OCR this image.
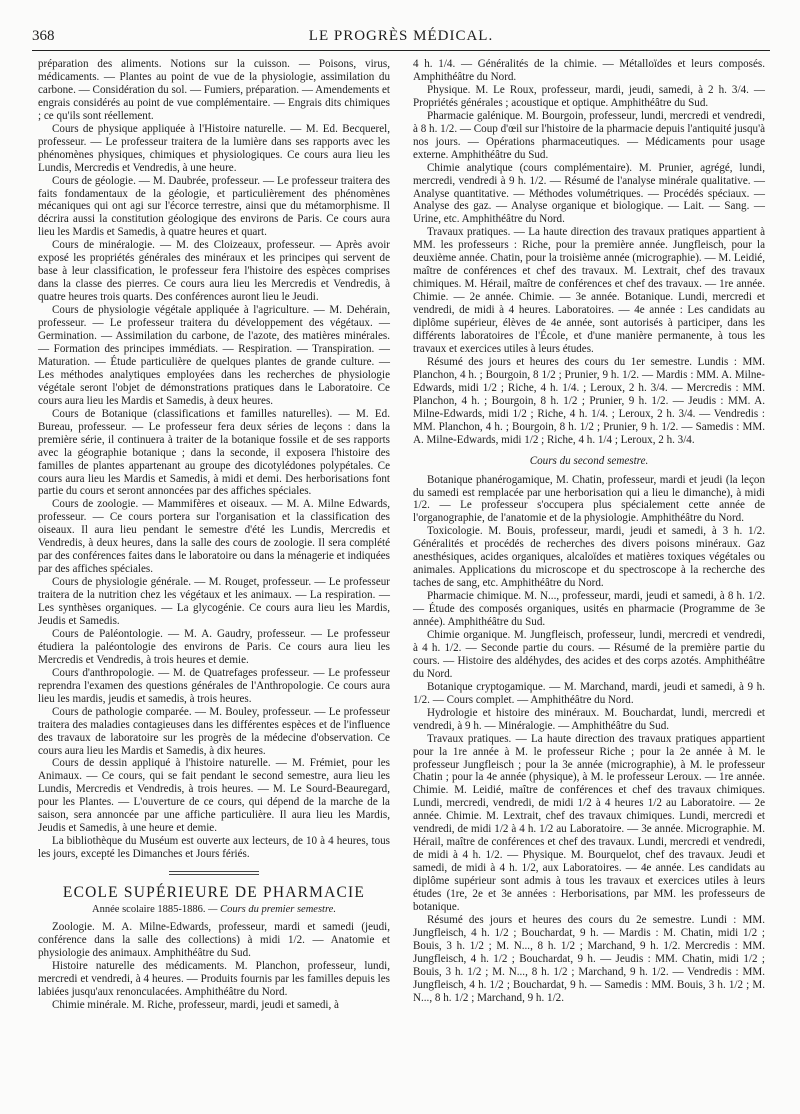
368	LE PROGRÈS MÉDICAL.

préparation des aliments. Notions sur la cuisson. — Poisons, virus, médicaments. — Plantes au point de vue de la physiologie, assimilation du carbone. — Considération du sol. — Fumiers, préparation. — Amendements et engrais considérés au point de vue complémentaire. — Engrais dits chimiques ; ce qu'ils sont réellement.

Cours de physique appliquée à l'Histoire naturelle. — M. Ed. Becquerel, professeur. — Le professeur traitera de la lumière dans ses rapports avec les phénomènes physiques, chimiques et physiologiques. Ce cours aura lieu les Lundis, Mercredis et Vendredis, à une heure.

Cours de géologie. — M. Daubrée, professeur. — Le professeur traitera des faits fondamentaux de la géologie, et particulièrement des phénomènes mécaniques qui ont agi sur l'écorce terrestre, ainsi que du métamorphisme. Il décrira aussi la constitution géologique des environs de Paris. Ce cours aura lieu les Mardis et Samedis, à quatre heures et quart.

Cours de minéralogie. — M. des Cloizeaux, professeur. — Après avoir exposé les propriétés générales des minéraux et les principes qui servent de base à leur classification, le professeur fera l'histoire des espèces comprises dans la classe des pierres. Ce cours aura lieu les Mercredis et Vendredis, à quatre heures trois quarts. Des conférences auront lieu le Jeudi.

Cours de physiologie végétale appliquée à l'agriculture. — M. Dehérain, professeur. — Le professeur traitera du développement des végétaux. — Germination. — Assimilation du carbone, de l'azote, des matières minérales. — Formation des principes immédiats. — Respiration. — Transpiration. — Maturation. — Étude particulière de quelques plantes de grande culture. — Les méthodes analytiques employées dans les recherches de physiologie végétale seront l'objet de démonstrations pratiques dans le Laboratoire. Ce cours aura lieu les Mardis et Samedis, à deux heures.

Cours de Botanique (classifications et familles naturelles). — M. Ed. Bureau, professeur. — Le professeur fera deux séries de leçons : dans la première série, il continuera à traiter de la botanique fossile et de ses rapports avec la géographie botanique ; dans la seconde, il exposera l'histoire des familles de plantes appartenant au groupe des dicotylédones polypétales. Ce cours aura lieu les Mardis et Samedis, à midi et demi. Des herborisations font partie du cours et seront annoncées par des affiches spéciales.

Cours de zoologie. — Mammifères et oiseaux. — M. A. Milne Edwards, professeur. — Ce cours portera sur l'organisation et la classification des oiseaux. Il aura lieu pendant le semestre d'été les Lundis, Mercredis et Vendredis, à deux heures, dans la salle des cours de zoologie. Il sera complété par des conférences faites dans le laboratoire ou dans la ménagerie et indiquées par des affiches spéciales.

Cours de physiologie générale. — M. Rouget, professeur. — Le professeur traitera de la nutrition chez les végétaux et les animaux. — La respiration. — Les synthèses organiques. — La glycogénie. Ce cours aura lieu les Mardis, Jeudis et Samedis.

Cours de Paléontologie. — M. A. Gaudry, professeur. — Le professeur étudiera la paléontologie des environs de Paris. Ce cours aura lieu les Mercredis et Vendredis, à trois heures et demie.

Cours d'anthropologie. — M. de Quatrefages professeur. — Le professeur reprendra l'examen des questions générales de l'Anthropologie. Ce cours aura lieu les mardis, jeudis et samedis, à trois heures.

Cours de pathologie comparée. — M. Bouley, professeur. — Le professeur traitera des maladies contagieuses dans les différentes espèces et de l'influence des travaux de laboratoire sur les progrès de la médecine d'observation. Ce cours aura lieu les Mardis et Samedis, à dix heures.

Cours de dessin appliqué à l'histoire naturelle. — M. Frémiet, pour les Animaux. — Ce cours, qui se fait pendant le second semestre, aura lieu les Lundis, Mercredis et Vendredis, à trois heures. — M. Le Sourd-Beauregard, pour les Plantes. — L'ouverture de ce cours, qui dépend de la marche de la saison, sera annoncée par une affiche particulière. Il aura lieu les Mardis, Jeudis et Samedis, à une heure et demie.

La bibliothèque du Muséum est ouverte aux lecteurs, de 10 à 4 heures, tous les jours, excepté les Dimanches et Jours fériés.

ECOLE SUPÉRIEURE DE PHARMACIE
Année scolaire 1885-1886. — Cours du premier semestre.

Zoologie. M. A. Milne-Edwards, professeur, mardi et samedi (jeudi, conférence dans la salle des collections) à midi 1/2. — Anatomie et physiologie des animaux. Amphithéâtre du Sud.

Histoire naturelle des médicaments. M. Planchon, professeur, lundi, mercredi et vendredi, à 4 heures. — Produits fournis par les familles depuis les labiées jusqu'aux renonculacées. Amphithéâtre du Nord.

Chimie minérale. M. Riche, professeur, mardi, jeudi et samedi, à

4 h. 1/4. — Généralités de la chimie. — Métalloïdes et leurs composés. Amphithéâtre du Nord.

Physique. M. Le Roux, professeur, mardi, jeudi, samedi, à 2 h. 3/4. — Propriétés générales ; acoustique et optique. Amphithéâtre du Sud.

Pharmacie galénique. M. Bourgoin, professeur, lundi, mercredi et vendredi, à 8 h. 1/2. — Coup d'œil sur l'histoire de la pharmacie depuis l'antiquité jusqu'à nos jours. — Opérations pharmaceutiques. — Médicaments pour usage externe. Amphithéâtre du Sud.

Chimie analytique (cours complémentaire). M. Prunier, agrégé, lundi, mercredi, vendredi à 9 h. 1/2. — Résumé de l'analyse minérale qualitative. — Analyse quantitative. — Méthodes volumétriques. — Procédés spéciaux. — Analyse des gaz. — Analyse organique et biologique. — Lait. — Sang. — Urine, etc. Amphithéâtre du Nord.

Travaux pratiques. — La haute direction des travaux pratiques appartient à MM. les professeurs : Riche, pour la première année. Jungfleisch, pour la deuxième année. Chatin, pour la troisième année (micrographie). — M. Leidié, maître de conférences et chef des travaux. M. Lextrait, chef des travaux chimiques. M. Hérail, maître de conférences et chef des travaux. — 1re année. Chimie. — 2e année. Chimie. — 3e année. Botanique. Lundi, mercredi et vendredi, de midi à 4 heures. Laboratoires. — 4e année : Les candidats au diplôme supérieur, élèves de 4e année, sont autorisés à participer, dans les différents laboratoires de l'École, et d'une manière permanente, à tous les travaux et exercices utiles à leurs études.

Résumé des jours et heures des cours du 1er semestre. Lundis : MM. Planchon, 4 h. ; Bourgoin, 8 1/2 ; Prunier, 9 h. 1/2. — Mardis : MM. A. Milne-Edwards, midi 1/2 ; Riche, 4 h. 1/4. ; Leroux, 2 h. 3/4. — Mercredis : MM. Planchon, 4 h. ; Bourgoin, 8 h. 1/2 ; Prunier, 9 h. 1/2. — Jeudis : MM. A. Milne-Edwards, midi 1/2 ; Riche, 4 h. 1/4. ; Leroux, 2 h. 3/4. — Vendredis : MM. Planchon, 4 h. ; Bourgoin, 8 h. 1/2 ; Prunier, 9 h. 1/2. — Samedis : MM. A. Milne-Edwards, midi 1/2 ; Riche, 4 h. 1/4 ; Leroux, 2 h. 3/4.

Cours du second semestre.

Botanique phanérogamique, M. Chatin, professeur, mardi et jeudi (la leçon du samedi est remplacée par une herborisation qui a lieu le dimanche), à midi 1/2. — Le professeur s'occupera plus spécialement cette année de l'organographie, de l'anatomie et de la physiologie. Amphithéâtre du Nord.

Toxicologie. M. Bouis, professeur, mardi, jeudi et samedi, à 3 h. 1/2. Généralités et procédés de recherches des divers poisons minéraux. Gaz anesthésiques, acides organiques, alcaloïdes et matières toxiques végétales ou animales. Applications du microscope et du spectroscope à la recherche des taches de sang, etc. Amphithéâtre du Nord.

Pharmacie chimique. M. N..., professeur, mardi, jeudi et samedi, à 8 h. 1/2. — Étude des composés organiques, usités en pharmacie (Programme de 3e année). Amphithéâtre du Sud.

Chimie organique. M. Jungfleisch, professeur, lundi, mercredi et vendredi, à 4 h. 1/2. — Seconde partie du cours. — Résumé de la première partie du cours. — Histoire des aldéhydes, des acides et des corps azotés. Amphithéâtre du Nord.

Botanique cryptogamique. — M. Marchand, mardi, jeudi et samedi, à 9 h. 1/2. — Cours complet. — Amphithéâtre du Nord.

Hydrologie et histoire des minéraux. M. Bouchardat, lundi, mercredi et vendredi, à 9 h. — Minéralogie. — Amphithéâtre du Sud.

Travaux pratiques. — La haute direction des travaux pratiques appartient pour la 1re année à M. le professeur Riche ; pour la 2e année à M. le professeur Jungfleisch ; pour la 3e année (micrographie), à M. le professeur Chatin ; pour la 4e année (physique), à M. le professeur Leroux. — 1re année. Chimie. M. Leidié, maître de conférences et chef des travaux chimiques. Lundi, mercredi, vendredi, de midi 1/2 à 4 heures 1/2 au Laboratoire. — 2e année. Chimie. M. Lextrait, chef des travaux chimiques. Lundi, mercredi et vendredi, de midi 1/2 à 4 h. 1/2 au Laboratoire. — 3e année. Micrographie. M. Hérail, maître de conférences et chef des travaux. Lundi, mercredi et vendredi, de midi à 4 h. 1/2. — Physique. M. Bourquelot, chef des travaux. Jeudi et samedi, de midi à 4 h. 1/2, aux Laboratoires. — 4e année. Les candidats au diplôme supérieur sont admis à tous les travaux et exercices utiles à leurs études (1re, 2e et 3e années : Herborisations, par MM. les professeurs de botanique.

Résumé des jours et heures des cours du 2e semestre. Lundi : MM. Jungfleisch, 4 h. 1/2 ; Bouchardat, 9 h. — Mardis : M. Chatin, midi 1/2 ; Bouis, 3 h. 1/2 ; M. N..., 8 h. 1/2 ; Marchand, 9 h. 1/2. Mercredis : MM. Jungfleisch, 4 h. 1/2 ; Bouchardat, 9 h. — Jeudis : MM. Chatin, midi 1/2 ; Bouis, 3 h. 1/2 ; M. N..., 8 h. 1/2 ; Marchand, 9 h. 1/2. — Vendredis : MM. Jungfleisch, 4 h. 1/2 ; Bouchardat, 9 h. — Samedis : MM. Bouis, 3 h. 1/2 ; M. N..., 8 h. 1/2 ; Marchand, 9 h. 1/2.
